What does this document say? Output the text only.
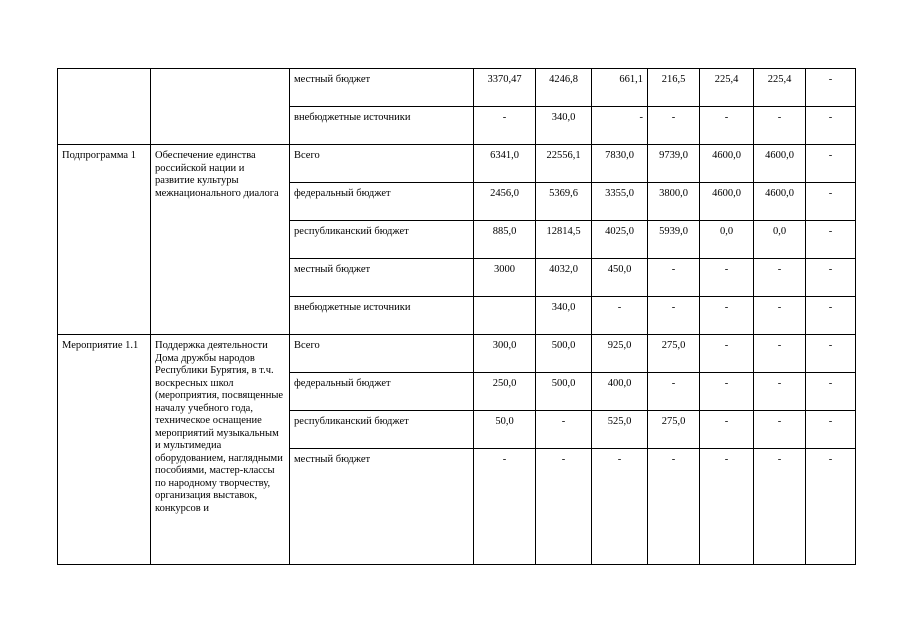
		местный бюджет	3370,47	4246,8	661,1	216,5	225,4	225,4	-
		внебюджетные источники	-	340,0	-	-	-	-	-
Подпрограмма 1	Обеспечение единства российской нации и развитие культуры межнационального диалога	Всего	6341,0	22556,1	7830,0	9739,0	4600,0	4600,0	-
		федеральный бюджет	2456,0	5369,6	3355,0	3800,0	4600,0	4600,0	-
		республиканский бюджет	885,0	12814,5	4025,0	5939,0	0,0	0,0	-
		местный бюджет	3000	4032,0	450,0	-	-	-	-
		внебюджетные источники		340,0	-	-	-	-	-
Мероприятие 1.1	Поддержка деятельности Дома дружбы народов Республики Бурятия, в т.ч. воскресных школ (мероприятия, посвященные началу учебного года, техническое оснащение мероприятий музыкальным и мультимедиа оборудованием, наглядными пособиями, мастер-классы по народному творчеству, организация выставок, конкурсов и	Всего	300,0	500,0	925,0	275,0	-	-	-
		федеральный бюджет	250,0	500,0	400,0	-	-	-	-
		республиканский бюджет	50,0	-	525,0	275,0	-	-	-
		местный бюджет	-	-	-	-	-	-	-
